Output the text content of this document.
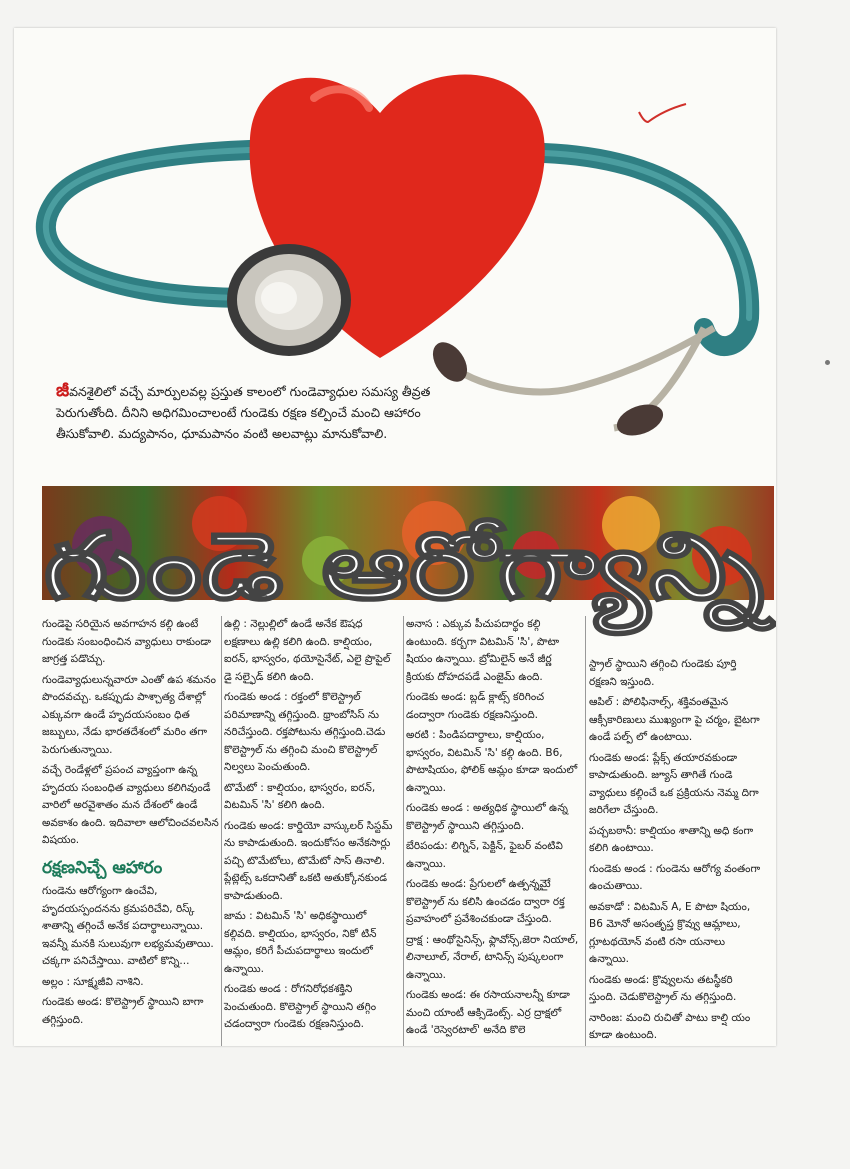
జీవనశైలిలో వచ్చే మార్పులవల్ల ప్రస్తుత కాలంలో గుండెవ్యాధుల సమస్య తీవ్రత పెరుగుతోంది. దీనిని అధిగమించాలంటే గుండెకు రక్షణ కల్పించే మంచి ఆహారం తీసుకోవాలి. మద్యపానం, ధూమపానం వంటి అలవాట్లు మానుకోవాలి.
గుండె ఆరోగ్యాన్ని

గుండెపై సరియైన అవగాహన కల్గి ఉంటే గుండెకు సంబంధించిన వ్యాధులు రాకుండా జాగ్రత్త పడొచ్చు.

గుండెవ్యాధులున్నవారూ ఎంతో ఉప శమనం పొందవచ్చు. ఒకప్పుడు పాశ్చాత్య దేశాల్లో ఎక్కువగా ఉండే హృదయసంబం ధిత జబ్బులు, నేడు భారతదేశంలో మరిం తగా పెరుగుతున్నాయి.

వచ్చే రెండేళ్లలో ప్రపంచ వ్యాప్తంగా ఉన్న హృదయ సంబంధిత వ్యాధులు కలిగివుండే వారిలో అరవైశాతం మన దేశంలో ఉండే అవకాశం ఉంది. ఇదివాలా ఆలోచించవలసిన విషయం.

రక్షణనిచ్చే ఆహారం

గుండెను ఆరోగ్యంగా ఉంచేవి, హృదయస్పందనను క్రమపరిచేవి, రిస్క్ శాతాన్ని తగ్గించే అనేక పదార్థాలున్నాయి. ఇవన్నీ మనకి సులువుగా లభ్యమవుతాయి. చక్కగా పనిచేస్తాయి. వాటిలో కొన్ని...

అల్లం : సూక్ష్మజీవి నాశిని.

గుండెకు అండ: కొలెస్ట్రాల్ స్థాయిని బాగా తగ్గిస్తుంది.

ఉల్లి : నెల్లుల్లిలో ఉండే అనేక ఔషధ లక్షణాలు ఉల్లి కలిగి ఉంది. కాల్షియం, ఐరన్, భాస్వరం, థయోసైనేట్, ఎలై ప్రొపైల్ డై సల్ఫైడ్ కలిగి ఉంది.

గుండెకు అండ : రక్తంలో కొలెస్ట్రాల్ పరిమాణాన్ని తగ్గిస్తుంది. థ్రాంబోసిస్ ను నరిచేస్తుంది. రక్తపోటును తగ్గిస్తుంది.చెడు కొలెస్ట్రాల్ ను తగ్గించి మంచి కొలెస్ట్రాల్ నిల్వలు పెంచుతుంది.

టొమేటో : కాల్షియం, భాస్వరం, ఐరన్, విటమిన్ 'సి' కలిగి ఉంది.

గుండెకు అండ: కార్డియో వాస్కులర్ సిస్టమ్ ను కాపాడుతుంది. ఇందుకోసం అనేకసార్లు పచ్చి టొమేటోలు, టొమేటో సాస్ తినాలి. ప్లేట్లెట్స్ ఒకదానితో ఒకటి అతుక్కోనకుండ కాపాడుతుంది.

జామ : విటమిన్ 'సి' అధికస్థాయిలో కల్గివది. కాల్షియం, భాస్వరం, నికో టిన్ ఆమ్లం, కరిగే పీచుపదార్థాలు ఇందులో ఉన్నాయి.

గుండెకు అండ : రోగనిరోధకశక్తిని పెంచుతుంది. కొలెస్ట్రాల్ స్థాయిని తగ్గిం చడంద్వారా గుండెకు రక్షణనిస్తుంది.

అనాస : ఎక్కువ పీచుపదార్థం కల్గి ఉంటుంది. కర్బగా విటమిన్ 'సి', పొటా షియం ఉన్నాయి. బ్రోమిలైన్ అనే జీర్ణ క్రియకు దోహదపడే ఎంజైమ్ ఉంది.

గుండెకు అండ: బ్లడ్ క్లాట్స్ కరిగించ డంద్వారా గుండెకు రక్షణనిస్తుంది.

అరటి : పిండిపదార్థాలు, కాల్షియం, భాస్వరం, విటమిన్ 'సి' కల్గి ఉంది. B6, పొటాషియం, ఫోలిక్ ఆమ్లం కూడా ఇందులో ఉన్నాయి.

గుండెకు అండ : అత్యధిక స్థాయిలో ఉన్న కొలెస్ట్రాల్ స్థాయిని తగ్గిస్తుంది.

బేరిపండు: లిగ్నిన్, పెక్టిన్, ఫైబర్ వంటివి ఉన్నాయి.

గుండెకు అండ: ప్రేగులలో ఉత్పన్నమైే కొలెస్ట్రాల్ ను కలిసి ఉంచడం ద్వారా రక్త ప్రవాహంలో ప్రవేశించకుండా చేస్తుంది.

ద్రాక్ష : ఆంథోసైనిన్స్, ఫ్లావోన్స్,జెరా నియాల్, లినాలూల్, నేరాల్, టానిన్స్ పుష్కలంగా ఉన్నాయి.

గుండెకు అండ: ఈ రసాయనాలన్నీ కూడా మంచి యాంటీ ఆక్సిడెంట్స్. ఎర్ర ద్రాక్షలో ఉండే 'రెస్వెరటాల్' అనేది కొలె

స్ట్రాల్ స్థాయిని తగ్గించి గుండెకు పూర్తి రక్షణని ఇస్తుంది.

ఆపిల్ : పోలిఫినాల్స్, శక్తివంతమైన ఆక్సీకారిణులు ముఖ్యంగా పై చర్మం, బైటగా ఉండే పల్ప్ లో ఉంటాయి.

గుండెకు అండ: ప్లేక్స్ తయారవకుండా కాపాడుతుంది. జ్యూస్ తాగితే గుండె వ్యాధులు కల్గించే ఒక ప్రక్రియను నెమ్మ దిగా జరిగేలా చేస్తుంది.

పచ్చబఠానీ: కాల్షియం శాతాన్ని అధి కంగా కలిగి ఉంటాయి.

గుండెకు అండ : గుండెను ఆరోగ్య వంతంగా ఉంచుతాయి.

అవకాడో : విటమిన్ A, E పొటా షియం, B6 మోనో అసంతృప్త క్రొవ్వు ఆమ్లాలు, గ్లూటథయోన్ వంటి రసా యనాలు ఉన్నాయి.

గుండెకు అండ: క్రొవ్వులను తటస్థీకరి స్తుంది. చెడుకొలెస్ట్రాల్ ను తగ్గిస్తుంది.

నారింజ: మంచి రుచితో పాటు కాల్షి యం కూడా ఉంటుంది.
